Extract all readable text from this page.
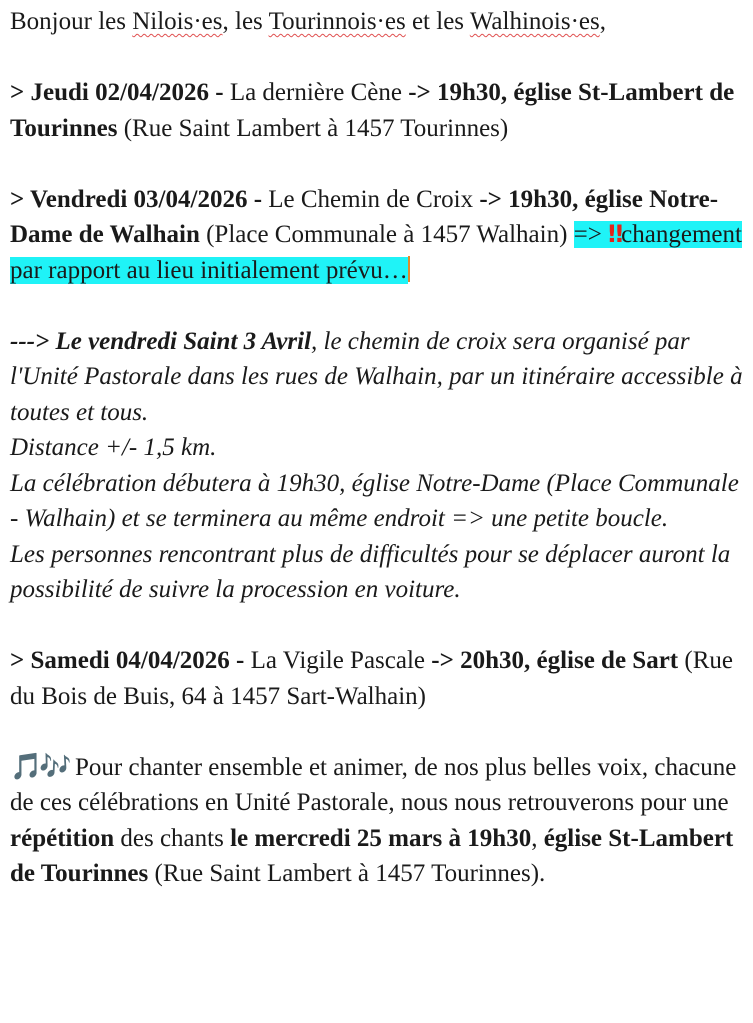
Bonjour les Nilois·es, les Tourinnois·es et les Walhinois·es,

> Jeudi 02/04/2026 - La dernière Cène -> 19h30, église St-Lambert de Tourinnes (Rue Saint Lambert à 1457 Tourinnes)

> Vendredi 03/04/2026 - Le Chemin de Croix -> 19h30, église Notre-Dame de Walhain (Place Communale à 1457 Walhain) => ‼changement par rapport au lieu initialement prévu…

---> Le vendredi Saint 3 Avril, le chemin de croix sera organisé par l'Unité Pastorale dans les rues de Walhain, par un itinéraire accessible à toutes et tous.
Distance +/- 1,5 km.
La célébration débutera à 19h30, église Notre-Dame (Place Communale - Walhain) et se terminera au même endroit => une petite boucle.
Les personnes rencontrant plus de difficultés pour se déplacer auront la possibilité de suivre la procession en voiture.

> Samedi 04/04/2026 - La Vigile Pascale -> 20h30, église de Sart (Rue du Bois de Buis, 64 à 1457 Sart-Walhain)

🎵🎶 Pour chanter ensemble et animer, de nos plus belles voix, chacune de ces célébrations en Unité Pastorale, nous nous retrouverons pour une répétition des chants le mercredi 25 mars à 19h30, église St-Lambert de Tourinnes (Rue Saint Lambert à 1457 Tourinnes).
